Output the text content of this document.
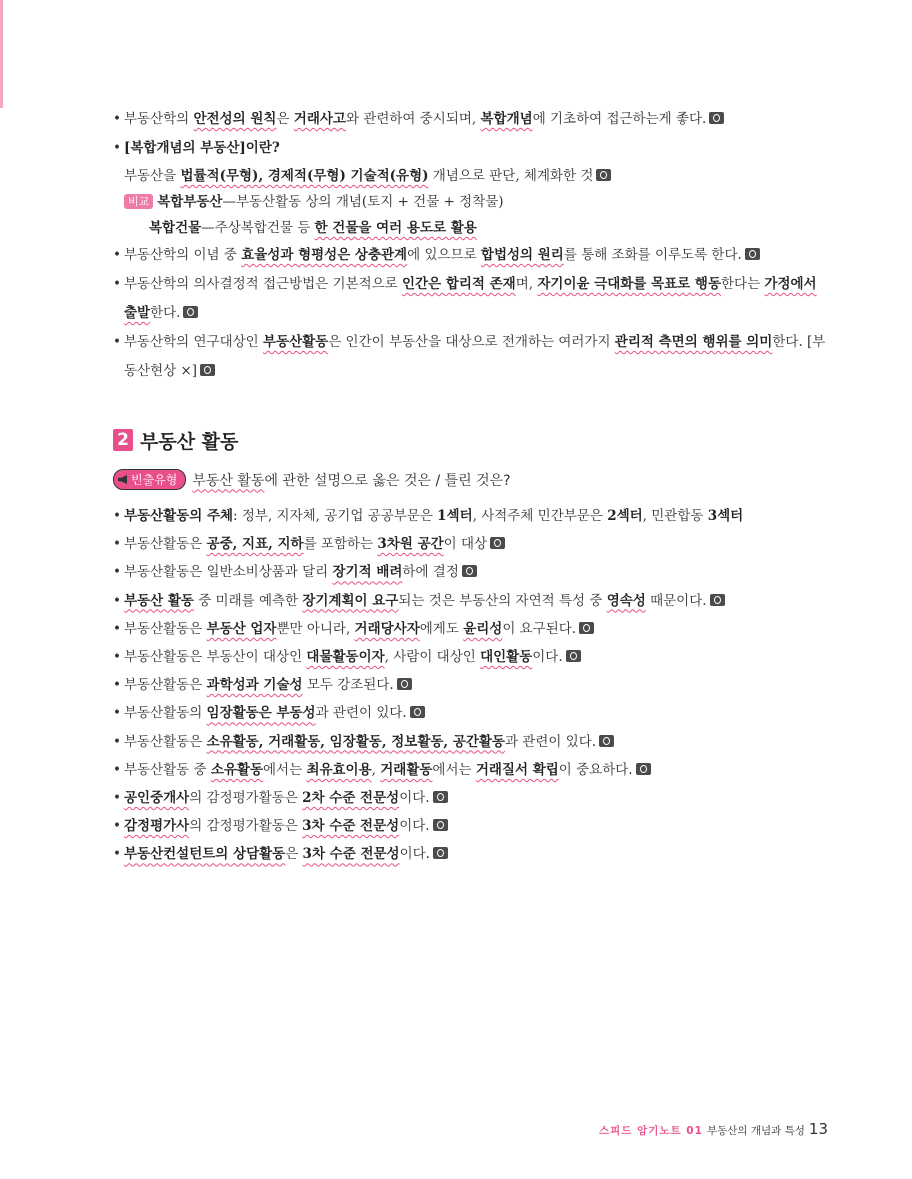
• 부동산학의 안전성의 원칙은 거래사고와 관련하여 중시되며, 복합개념에 기초하여 접근하는게 좋다.
• [복합개념의 부동산]이란?
부동산을 법률적(무형), 경제적(무형) 기술적(유형) 개념으로 판단, 체계화한 것
비교 복합부동산—부동산활동 상의 개념(토지 + 건물 + 정착물)
복합건물—주상복합건물 등 한 건물을 여러 용도로 활용
• 부동산학의 이념 중 효율성과 형평성은 상충관계에 있으므로 합법성의 원리를 통해 조화를 이루도록 한다.
• 부동산학의 의사결정적 접근방법은 기본적으로 인간은 합리적 존재며, 자기이윤 극대화를 목표로 행동한다는 가정에서 출발한다.
• 부동산학의 연구대상인 부동산활동은 인간이 부동산을 대상으로 전개하는 여러가지 관리적 측면의 행위를 의미한다. [부동산현상 ×]
2 부동산 활동
빈출유형 부동산 활동에 관한 설명으로 옳은 것은 / 틀린 것은?
• 부동산활동의 주체: 정부, 지자체, 공기업 공공부문은 1섹터, 사적주체 민간부문은 2섹터, 민관합동 3섹터
• 부동산활동은 공중, 지표, 지하를 포함하는 3차원 공간이 대상
• 부동산활동은 일반소비상품과 달리 장기적 배려하에 결정
• 부동산 활동 중 미래를 예측한 장기계획이 요구되는 것은 부동산의 자연적 특성 중 영속성 때문이다.
• 부동산활동은 부동산 업자뿐만 아니라, 거래당사자에게도 윤리성이 요구된다.
• 부동산활동은 부동산이 대상인 대물활동이자, 사람이 대상인 대인활동이다.
• 부동산활동은 과학성과 기술성 모두 강조된다.
• 부동산활동의 임장활동은 부동성과 관련이 있다.
• 부동산활동은 소유활동, 거래활동, 임장활동, 정보활동, 공간활동과 관련이 있다.
• 부동산활동 중 소유활동에서는 최유효이용, 거래활동에서는 거래질서 확립이 중요하다.
• 공인중개사의 감정평가활동은 2차 수준 전문성이다.
• 감정평가사의 감정평가활동은 3차 수준 전문성이다.
• 부동산컨설턴트의 상담활동은 3차 수준 전문성이다.
스피드 암기노트 01 부동산의 개념과 특성 13
